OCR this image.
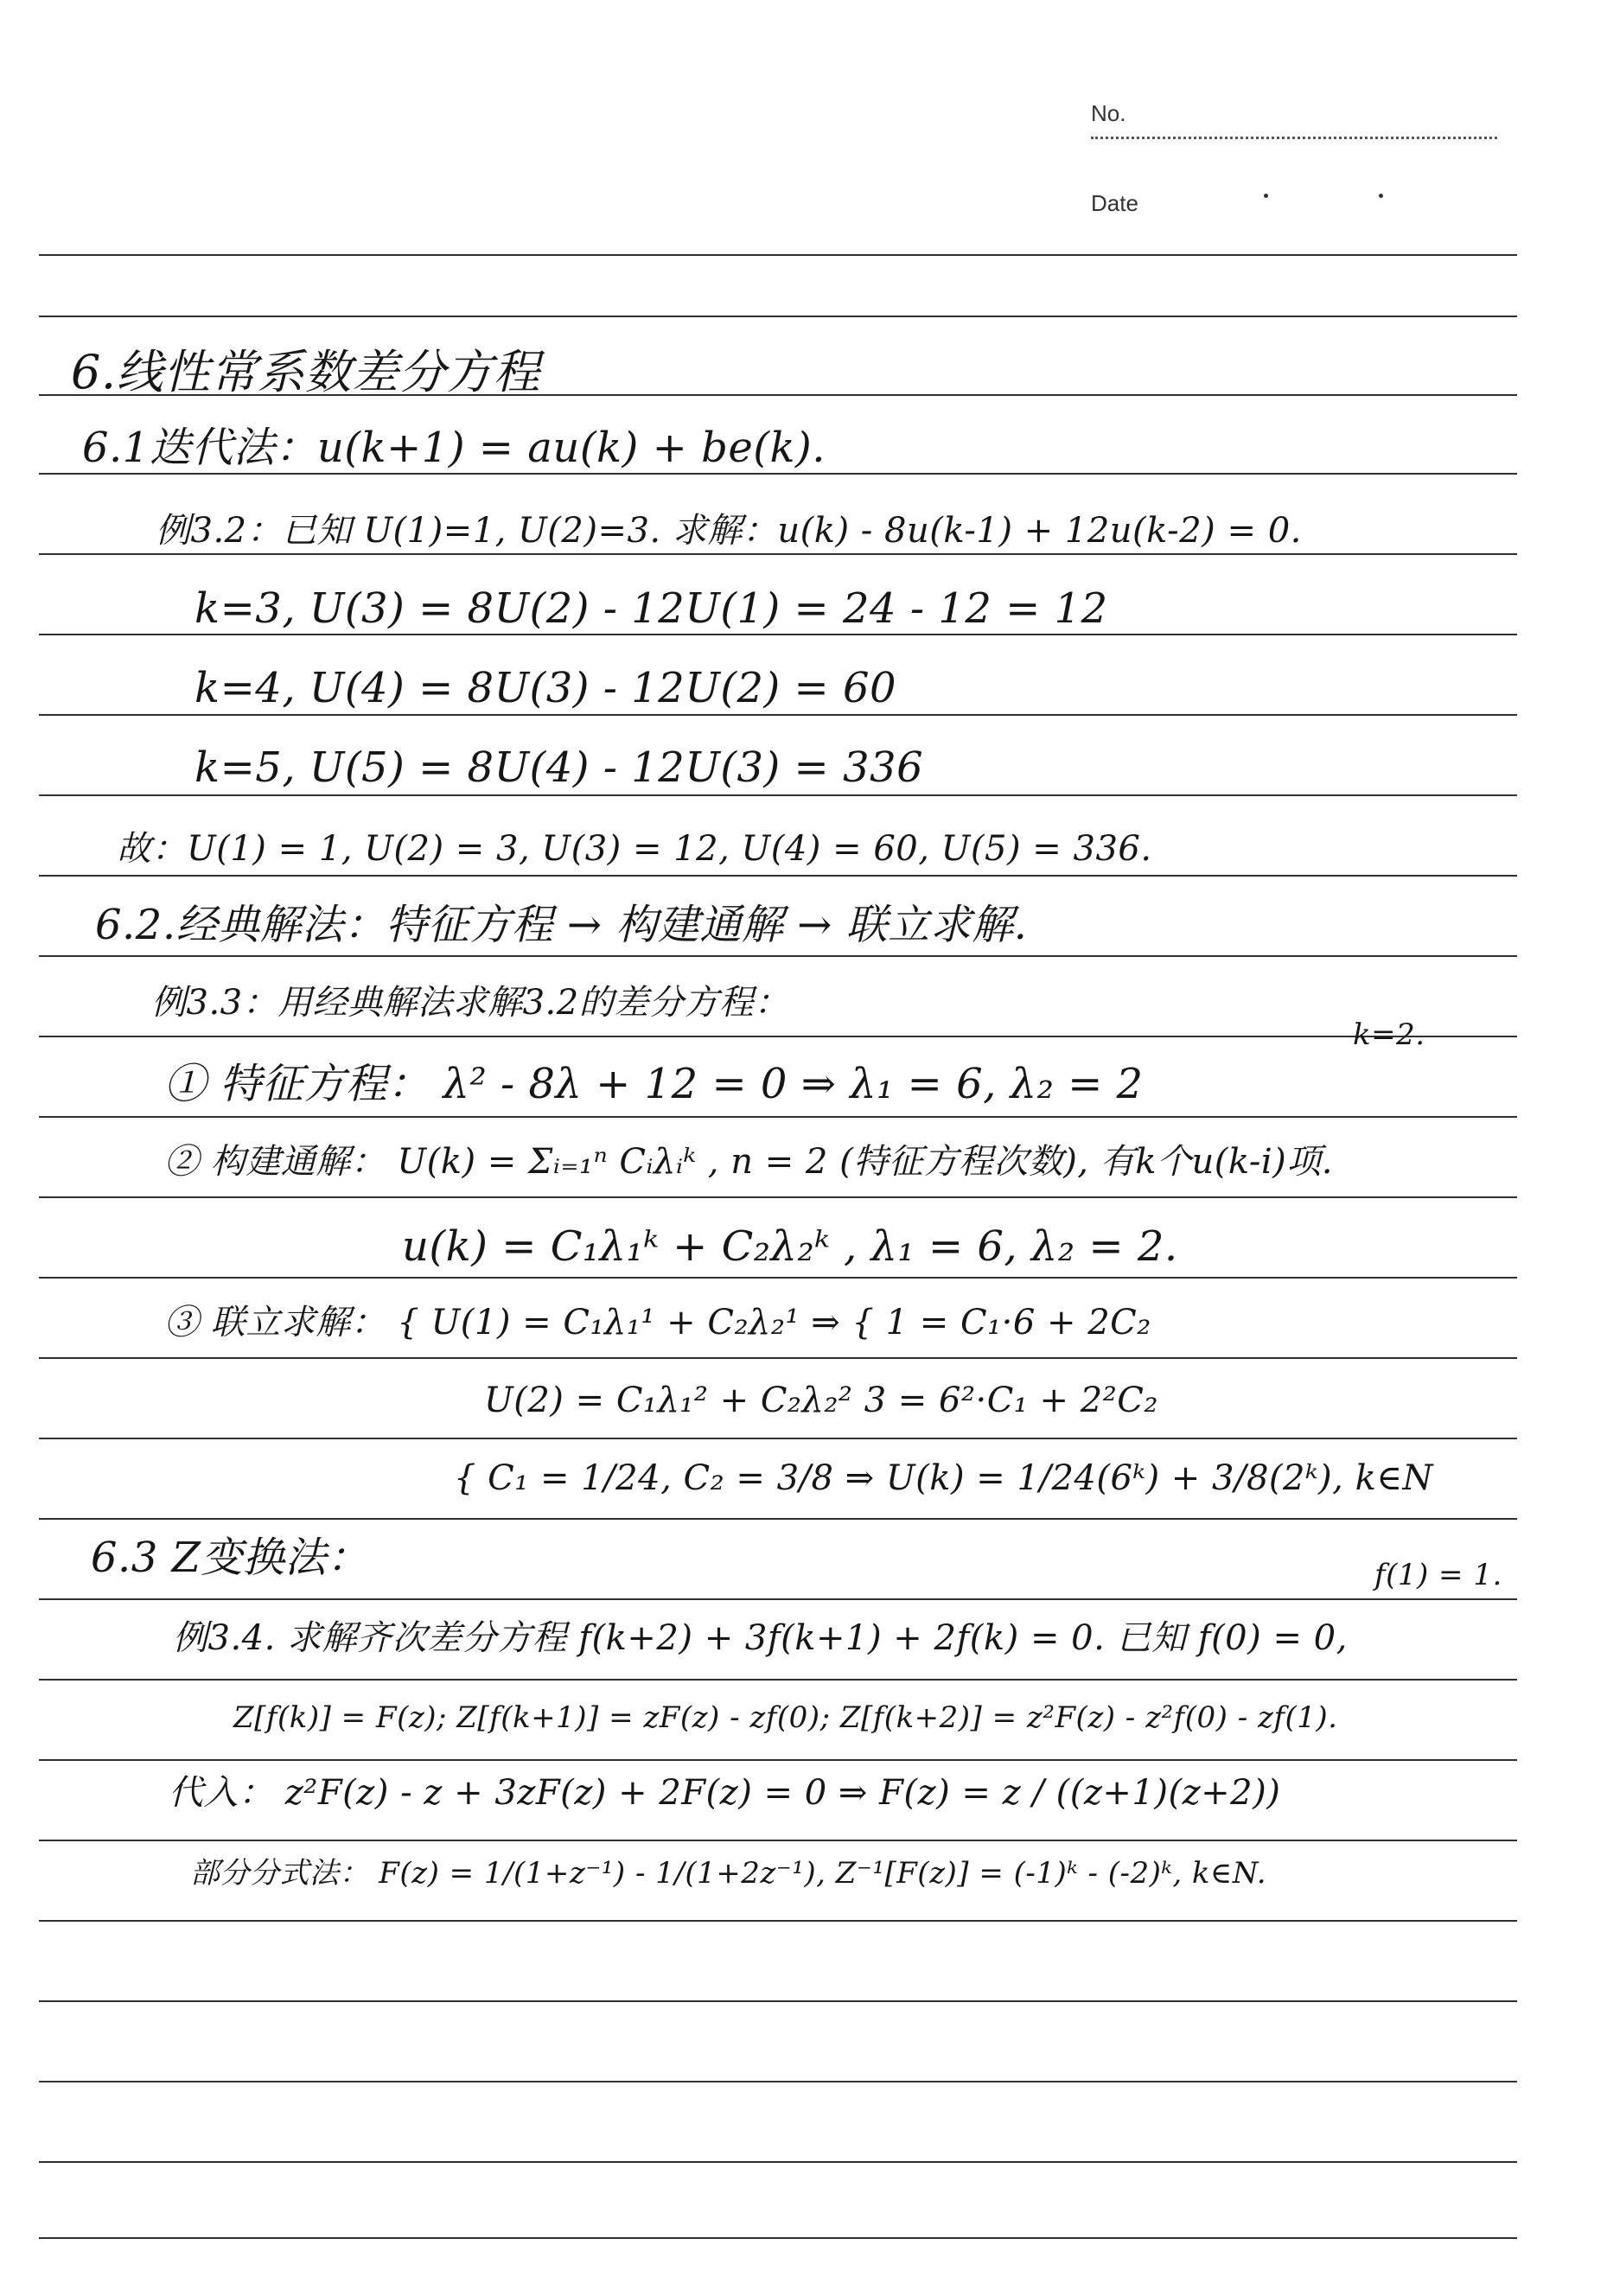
No.
Date
6.线性常系数差分方程
6.1迭代法：u(k+1) = au(k) + be(k).
例3.2：已知 U(1)=1, U(2)=3. 求解：u(k) - 8u(k-1) + 12u(k-2) = 0.
k=3, U(3) = 8U(2) - 12U(1) = 24 - 12 = 12
k=4, U(4) = 8U(3) - 12U(2) = 60
k=5, U(5) = 8U(4) - 12U(3) = 336
故：U(1) = 1, U(2) = 3, U(3) = 12, U(4) = 60, U(5) = 336.
6.2.经典解法：特征方程 → 构建通解 → 联立求解.
例3.3：用经典解法求解3.2的差分方程：
k=2.
① 特征方程： λ² - 8λ + 12 = 0 ⇒ λ₁ = 6, λ₂ = 2
② 构建通解： U(k) = Σᵢ₌₁ⁿ Cᵢλᵢᵏ , n = 2 (特征方程次数), 有k个u(k-i)项.
u(k) = C₁λ₁ᵏ + C₂λ₂ᵏ , λ₁ = 6, λ₂ = 2.
③ 联立求解： { U(1) = C₁λ₁¹ + C₂λ₂¹ ⇒ { 1 = C₁·6 + 2C₂
U(2) = C₁λ₁² + C₂λ₂² 3 = 6²·C₁ + 2²C₂
{ C₁ = 1/24, C₂ = 3/8 ⇒ U(k) = 1/24(6ᵏ) + 3/8(2ᵏ), k∈N
6.3 Z变换法：	f(1) = 1.
例3.4. 求解齐次差分方程 f(k+2) + 3f(k+1) + 2f(k) = 0. 已知 f(0) = 0,
Z[f(k)] = F(z); Z[f(k+1)] = zF(z) - zf(0); Z[f(k+2)] = z²F(z) - z²f(0) - zf(1).
代入： z²F(z) - z + 3zF(z) + 2F(z) = 0 ⇒ F(z) = z / ((z+1)(z+2))
部分分式法： F(z) = 1/(1+z⁻¹) - 1/(1+2z⁻¹), Z⁻¹[F(z)] = (-1)ᵏ - (-2)ᵏ, k∈N.
